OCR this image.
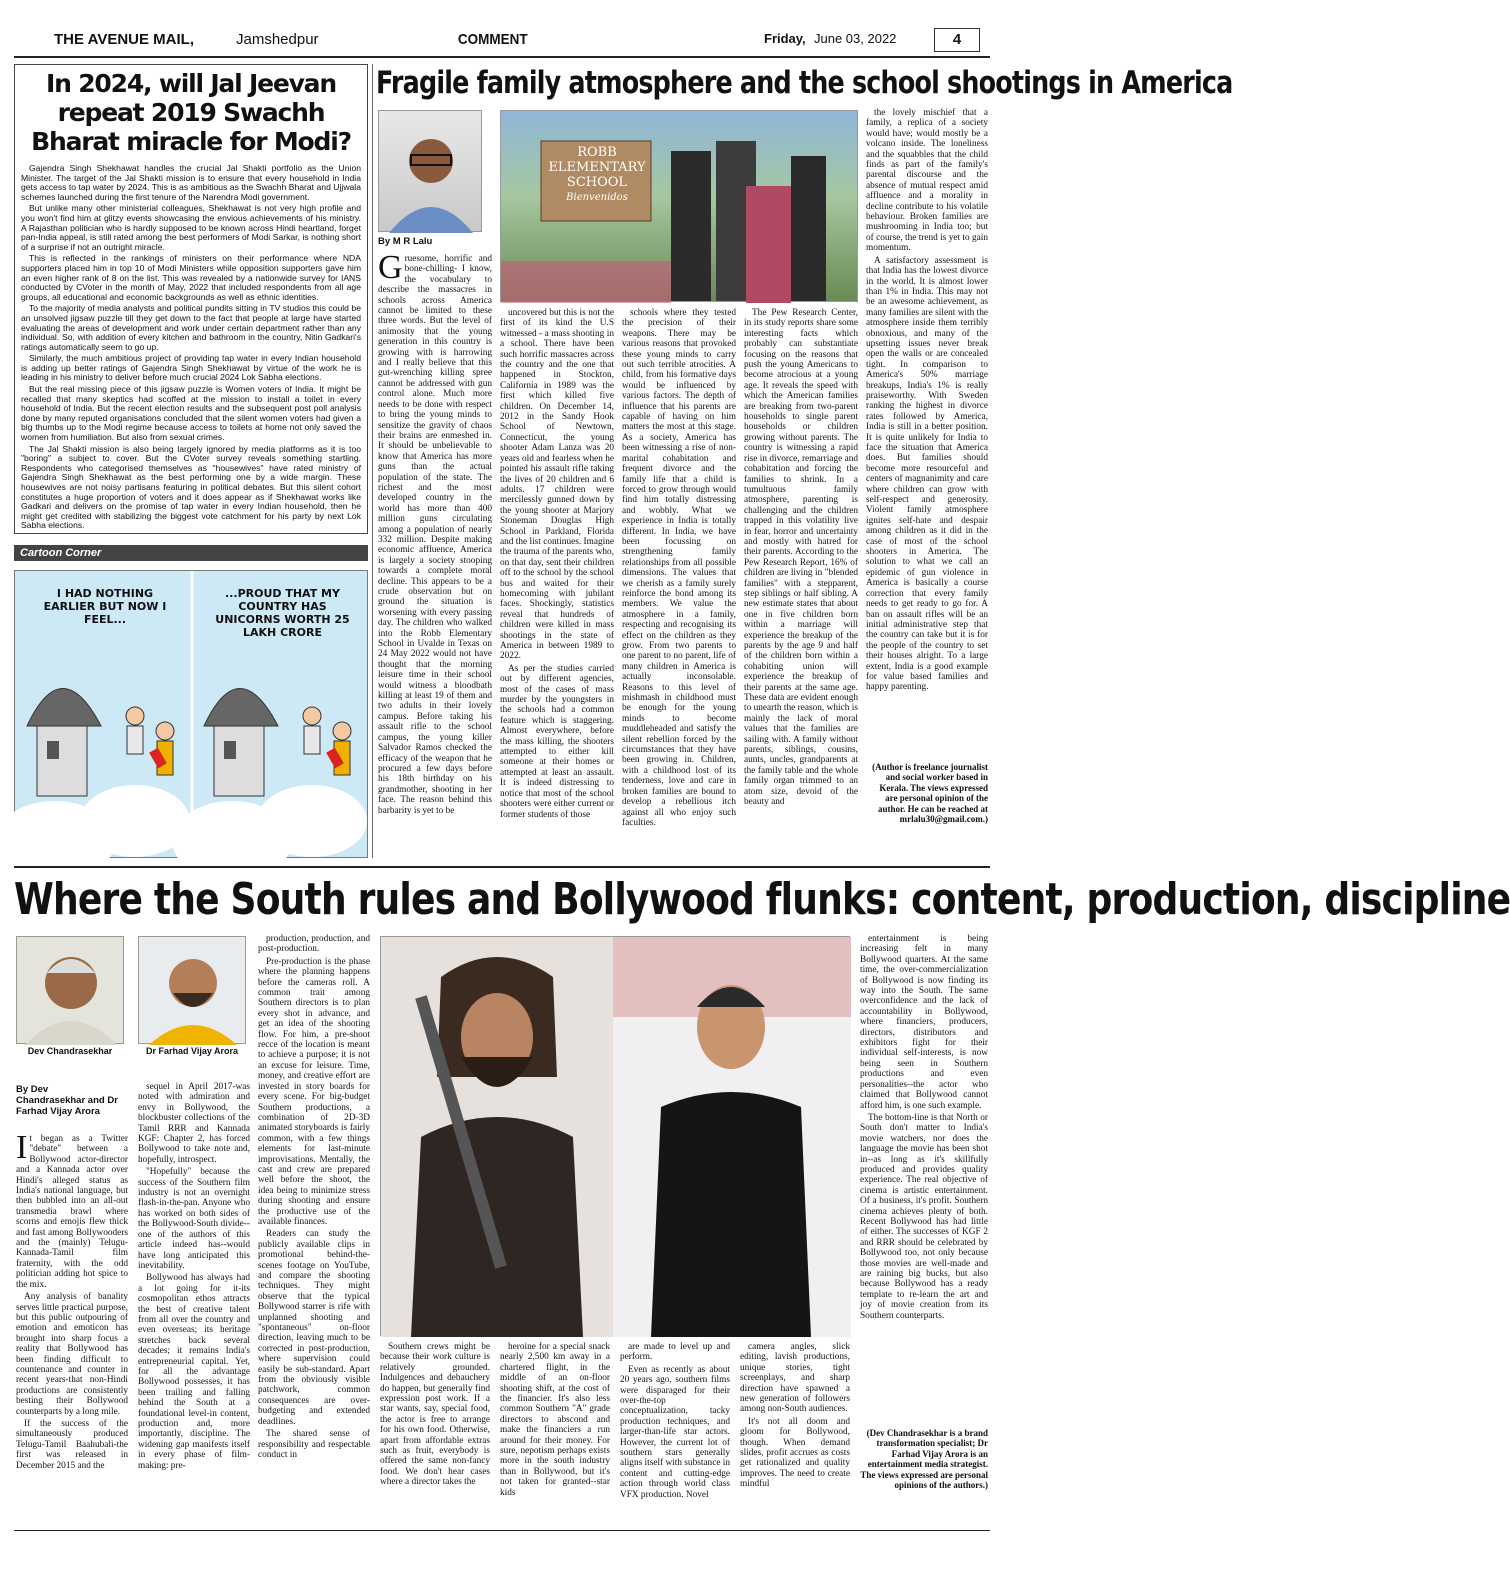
THE AVENUE MAIL,	Jamshedpur	COMMENT	Friday, June 03, 2022	4
In 2024, will Jal Jeevan repeat 2019 Swachh Bharat miracle for Modi?

Gajendra Singh Shekhawat handles the crucial Jal Shakti portfolio as the Union Minister. The target of the Jal Shakti mission is to ensure that every household in India gets access to tap water by 2024. This is as ambitious as the Swachh Bharat and Ujjwala schemes launched during the first tenure of the Narendra Modi government.

But unlike many other ministerial colleagues, Shekhawat is not very high profile and you won't find him at glitzy events showcasing the envious achievements of his ministry. A Rajasthan politician who is hardly supposed to be known across Hindi heartland, forget pan-India appeal, is still rated among the best performers of Modi Sarkar, is nothing short of a surprise if not an outright miracle.

This is reflected in the rankings of ministers on their performance where NDA supporters placed him in top 10 of Modi Ministers while opposition supporters gave him an even higher rank of 8 on the list. This was revealed by a nationwide survey for IANS conducted by CVoter in the month of May, 2022 that included respondents from all age groups, all educational and economic backgrounds as well as ethnic identities.

To the majority of media analysts and political pundits sitting in TV studios this could be an unsolved jigsaw puzzle till they get down to the fact that people at large have started evaluating the areas of development and work under certain department rather than any individual. So, with addition of every kitchen and bathroom in the country, Nitin Gadkari's ratings automatically seem to go up.

Similarly, the much ambitious project of providing tap water in every Indian household is adding up better ratings of Gajendra Singh Shekhawat by virtue of the work he is leading in his ministry to deliver before much crucial 2024 Lok Sabha elections.

But the real missing piece of this jigsaw puzzle is Women voters of India. It might be recalled that many skeptics had scoffed at the mission to install a toilet in every household of India. But the recent election results and the subsequent post poll analysis done by many reputed organisations concluded that the silent women voters had given a big thumbs up to the Modi regime because access to toilets at home not only saved the women from humiliation. But also from sexual crimes.

The Jal Shakti mission is also being largely ignored by media platforms as it is too "boring" a subject to cover. But the CVoter survey reveals something startling. Respondents who categorised themselves as "housewives" have rated ministry of Gajendra Singh Shekhawat as the best performing one by a wide margin. These housewives are not noisy partisans featuring in political debates. But this silent cohort constitutes a huge proportion of voters and it does appear as if Shekhawat works like Gadkari and delivers on the promise of tap water in every Indian household, then he might get credited with stabilizing the biggest vote catchment for his party by next Lok Sabha elections.

Cartoon Corner
I HAD NOTHING EARLIER BUT NOW I FEEL...
...PROUD THAT MY COUNTRY HAS UNICORNS WORTH 25 LAKH CRORE
Fragile family atmosphere and the school shootings in America
By M R Lalu
ROBB
ELEMENTARY
SCHOOL
Bienvenidos

Gruesome, horrific and bone-chilling- I know, the vocabulary to describe the massacres in schools across America cannot be limited to these three words. But the level of animosity that the young generation in this country is growing with is harrowing and I really believe that this gut-wrenching killing spree cannot be addressed with gun control alone. Much more needs to be done with respect to bring the young minds to sensitize the gravity of chaos their brains are enmeshed in. It should be unbelievable to know that America has more guns than the actual population of the state. The richest and the most developed country in the world has more than 400 million guns circulating among a population of nearly 332 million. Despite making economic affluence, America is largely a society stooping towards a complete moral decline. This appears to be a crude observation but on ground the situation is worsening with every passing day. The children who walked into the Robb Elementary School in Uvalde in Texas on 24 May 2022 would not have thought that the morning leisure time in their school would witness a bloodbath killing at least 19 of them and two adults in their lovely campus. Before taking his assault rifle to the school campus, the young killer Salvador Ramos checked the efficacy of the weapon that he procured a few days before his 18th birthday on his grandmother, shooting in her face. The reason behind this barbarity is yet to be

uncovered but this is not the first of its kind the U.S witnessed - a mass shooting in a school. There have been such horrific massacres across the country and the one that happened in Stockton, California in 1989 was the first which killed five children. On December 14, 2012 in the Sandy Hook School of Newtown, Connecticut, the young shooter Adam Lanza was 20 years old and fearless when he pointed his assault rifle taking the lives of 20 children and 6 adults. 17 children were mercilessly gunned down by the young shooter at Marjory Stoneman Douglas High School in Parkland, Florida and the list continues. Imagine the trauma of the parents who, on that day, sent their children off to the school by the school bus and waited for their homecoming with jubilant faces. Shockingly, statistics reveal that hundreds of children were killed in mass shootings in the state of America in between 1989 to 2022.

As per the studies carried out by different agencies, most of the cases of mass murder by the youngsters in the schools had a common feature which is staggering. Almost everywhere, before the mass killing, the shooters attempted to either kill someone at their homes or attempted at least an assault. It is indeed distressing to notice that most of the school shooters were either current or former students of those

schools where they tested the precision of their weapons. There may be various reasons that provoked these young minds to carry out such terrible atrocities. A child, from his formative days would be influenced by various factors. The depth of influence that his parents are capable of having on him matters the most at this stage. As a society, America has been witnessing a rise of non-marital cohabitation and frequent divorce and the family life that a child is forced to grow through would find him totally distressing and wobbly. What we experience in India is totally different. In India, we have been focussing on strengthening family relationships from all possible dimensions. The values that we cherish as a family surely reinforce the bond among its members. We value the atmosphere in a family, respecting and recognising its effect on the children as they grow. From two parents to one parent to no parent, life of many children in America is actually inconsolable. Reasons to this level of mishmash in childhood must be enough for the young minds to become muddleheaded and satisfy the silent rebellion forced by the circumstances that they have been growing in. Children, with a childhood lost of its tenderness, love and care in broken families are bound to develop a rebellious itch against all who enjoy such faculties.

The Pew Research Center, in its study reports share some interesting facts which probably can substantiate focusing on the reasons that push the young Americans to become atrocious at a young age. It reveals the speed with which the American families are breaking from two-parent households to single parent households or children growing without parents. The country is witnessing a rapid rise in divorce, remarriage and cohabitation and forcing the families to shrink. In a tumultuous family atmosphere, parenting is challenging and the children trapped in this volatility live in fear, horror and uncertainty and mostly with hatred for their parents. According to the Pew Research Report, 16% of children are living in "blended families" with a stepparent, step siblings or half sibling. A new estimate states that about one in five children born within a marriage will experience the breakup of the parents by the age 9 and half of the children born within a cohabiting union will experience the breakup of their parents at the same age. These data are evident enough to unearth the reason, which is mainly the lack of moral values that the families are sailing with. A family without parents, siblings, cousins, aunts, uncles, grandparents at the family table and the whole family organ trimmed to an atom size, devoid of the beauty and

the lovely mischief that a family, a replica of a society would have; would mostly be a volcano inside. The loneliness and the squabbles that the child finds as part of the family's parental discourse and the absence of mutual respect amid affluence and a morality in decline contribute to his volatile behaviour. Broken families are mushrooming in India too; but of course, the trend is yet to gain momentum.

A satisfactory assessment is that India has the lowest divorce in the world. It is almost lower than 1% in India. This may not be an awesome achievement, as many families are silent with the atmosphere inside them terribly obnoxious, and many of the upsetting issues never break open the walls or are concealed tight. In comparison to America's 50% marriage breakups, India's 1% is really praiseworthy. With Sweden ranking the highest in divorce rates followed by America, India is still in a better position. It is quite unlikely for India to face the situation that America does. But families should become more resourceful and centers of magnanimity and care where children can grow with self-respect and generosity. Violent family atmosphere ignites self-hate and despair among children as it did in the case of most of the school shooters in America. The solution to what we call an epidemic of gun violence in America is basically a course correction that every family needs to get ready to go for. A ban on assault rifles will be an initial administrative step that the country can take but it is for the people of the country to set their houses alright. To a large extent, India is a good example for value based families and happy parenting.

(Author is freelance journalist and social worker based in Kerala. The views expressed are personal opinion of the author. He can be reached at mrlalu30@gmail.com.)
Where the South rules and Bollywood flunks: content, production, discipline
Dev Chandrasekhar	Dr Farhad Vijay Arora
By Dev Chandrasekhar and Dr Farhad Vijay Arora

It began as a Twitter "debate" between a Bollywood actor-director and a Kannada actor over Hindi's alleged status as India's national language, but then bubbled into an all-out transmedia brawl where scorns and emojis flew thick and fast among Bollywooders and the (mainly) Telugu-Kannada-Tamil film fraternity, with the odd politician adding hot spice to the mix.

Any analysis of banality serves little practical purpose, but this public outpouring of emotion and emoticon has brought into sharp focus a reality that Bollywood has been finding difficult to countenance and counter in recent years-that non-Hindi productions are consistently besting their Bollywood counterparts by a long mile.

If the success of the simultaneously produced Telugu-Tamil Baahubali-the first was released in December 2015 and the

sequel in April 2017-was noted with admiration and envy in Bollywood, the blockbuster collections of the Tamil RRR and Kannada KGF: Chapter 2, has forced Bollywood to take note and, hopefully, introspect.

"Hopefully" because the success of the Southern film industry is not an overnight flash-in-the-pan. Anyone who has worked on both sides of the Bollywood-South divide--one of the authors of this article indeed has--would have long anticipated this inevitability.

Bollywood has always had a lot going for it-its cosmopolitan ethos attracts the best of creative talent from all over the country and even overseas; its heritage stretches back several decades; it remains India's entrepreneurial capital. Yet, for all the advantage Bollywood possesses, it has been trailing and falling behind the South at a foundational level-in content, production and, more importantly, discipline. The widening gap manifests itself in every phase of film-making: pre-

production, production, and post-production.

Pre-production is the phase where the planning happens before the cameras roll. A common trait among Southern directors is to plan every shot in advance, and get an idea of the shooting flow. For him, a pre-shoot recce of the location is meant to achieve a purpose; it is not an excuse for leisure. Time, money, and creative effort are invested in story boards for every scene. For big-budget Southern productions, a combination of 2D-3D animated storyboards is fairly common, with a few things elements for last-minute improvisations. Mentally, the cast and crew are prepared well before the shoot, the idea being to minimize stress during shooting and ensure the productive use of the available finances.

Readers can study the publicly available clips in promotional behind-the-scenes footage on YouTube, and compare the shooting techniques. They might observe that the typical Bollywood starrer is rife with unplanned shooting and "spontaneous" on-floor direction, leaving much to be corrected in post-production, where supervision could easily be sub-standard. Apart from the obviously visible patchwork, common consequences are over-budgeting and extended deadlines.

The shared sense of responsibility and respectable conduct in

Southern crews might be because their work culture is relatively grounded. Indulgences and debauchery do happen, but generally find expression post work. If a star wants, say, special food, the actor is free to arrange for his own food. Otherwise, apart from affordable extras such as fruit, everybody is offered the same non-fancy food. We don't hear cases where a director takes the

heroine for a special snack nearly 2,500 km away in a chartered flight, in the middle of an on-floor shooting shift, at the cost of the financier. It's also less common Southern "A" grade directors to abscond and make the financiers a run around for their money. For sure, nepotism perhaps exists more in the south industry than in Bollywood, but it's not taken for granted--star kids

are made to level up and perform.

Even as recently as about 20 years ago, southern films were disparaged for their over-the-top conceptualization, tacky production techniques, and larger-than-life star actors. However, the current lot of southern stars generally aligns itself with substance in content and cutting-edge action through world class VFX production. Novel

camera angles, slick editing, lavish productions, unique stories, tight screenplays, and sharp direction have spawned a new generation of followers among non-South audiences.

It's not all doom and gloom for Bollywood, though. When demand slides, profit accrues as costs get rationalized and quality improves. The need to create mindful

entertainment is being increasing felt in many Bollywood quarters. At the same time, the over-commercialization of Bollywood is now finding its way into the South. The same overconfidence and the lack of accountability in Bollywood, where financiers, producers, directors, distributors and exhibitors fight for their individual self-interests, is now being seen in Southern productions and even personalities--the actor who claimed that Bollywood cannot afford him, is one such example.

The bottom-line is that North or South don't matter to India's movie watchers, nor does the language the movie has been shot in--as long as it's skillfully produced and provides quality experience. The real objective of cinema is artistic entertainment. Of a business, it's profit. Southern cinema achieves plenty of both. Recent Bollywood has had little of either. The successes of KGF 2 and RRR should be celebrated by Bollywood too, not only because those movies are well-made and are raining big bucks, but also because Bollywood has a ready template to re-learn the art and joy of movie creation from its Southern counterparts.

(Dev Chandrasekhar is a brand transformation specialist; Dr Farhad Vijay Arora is an entertainment media strategist. The views expressed are personal opinions of the authors.)
